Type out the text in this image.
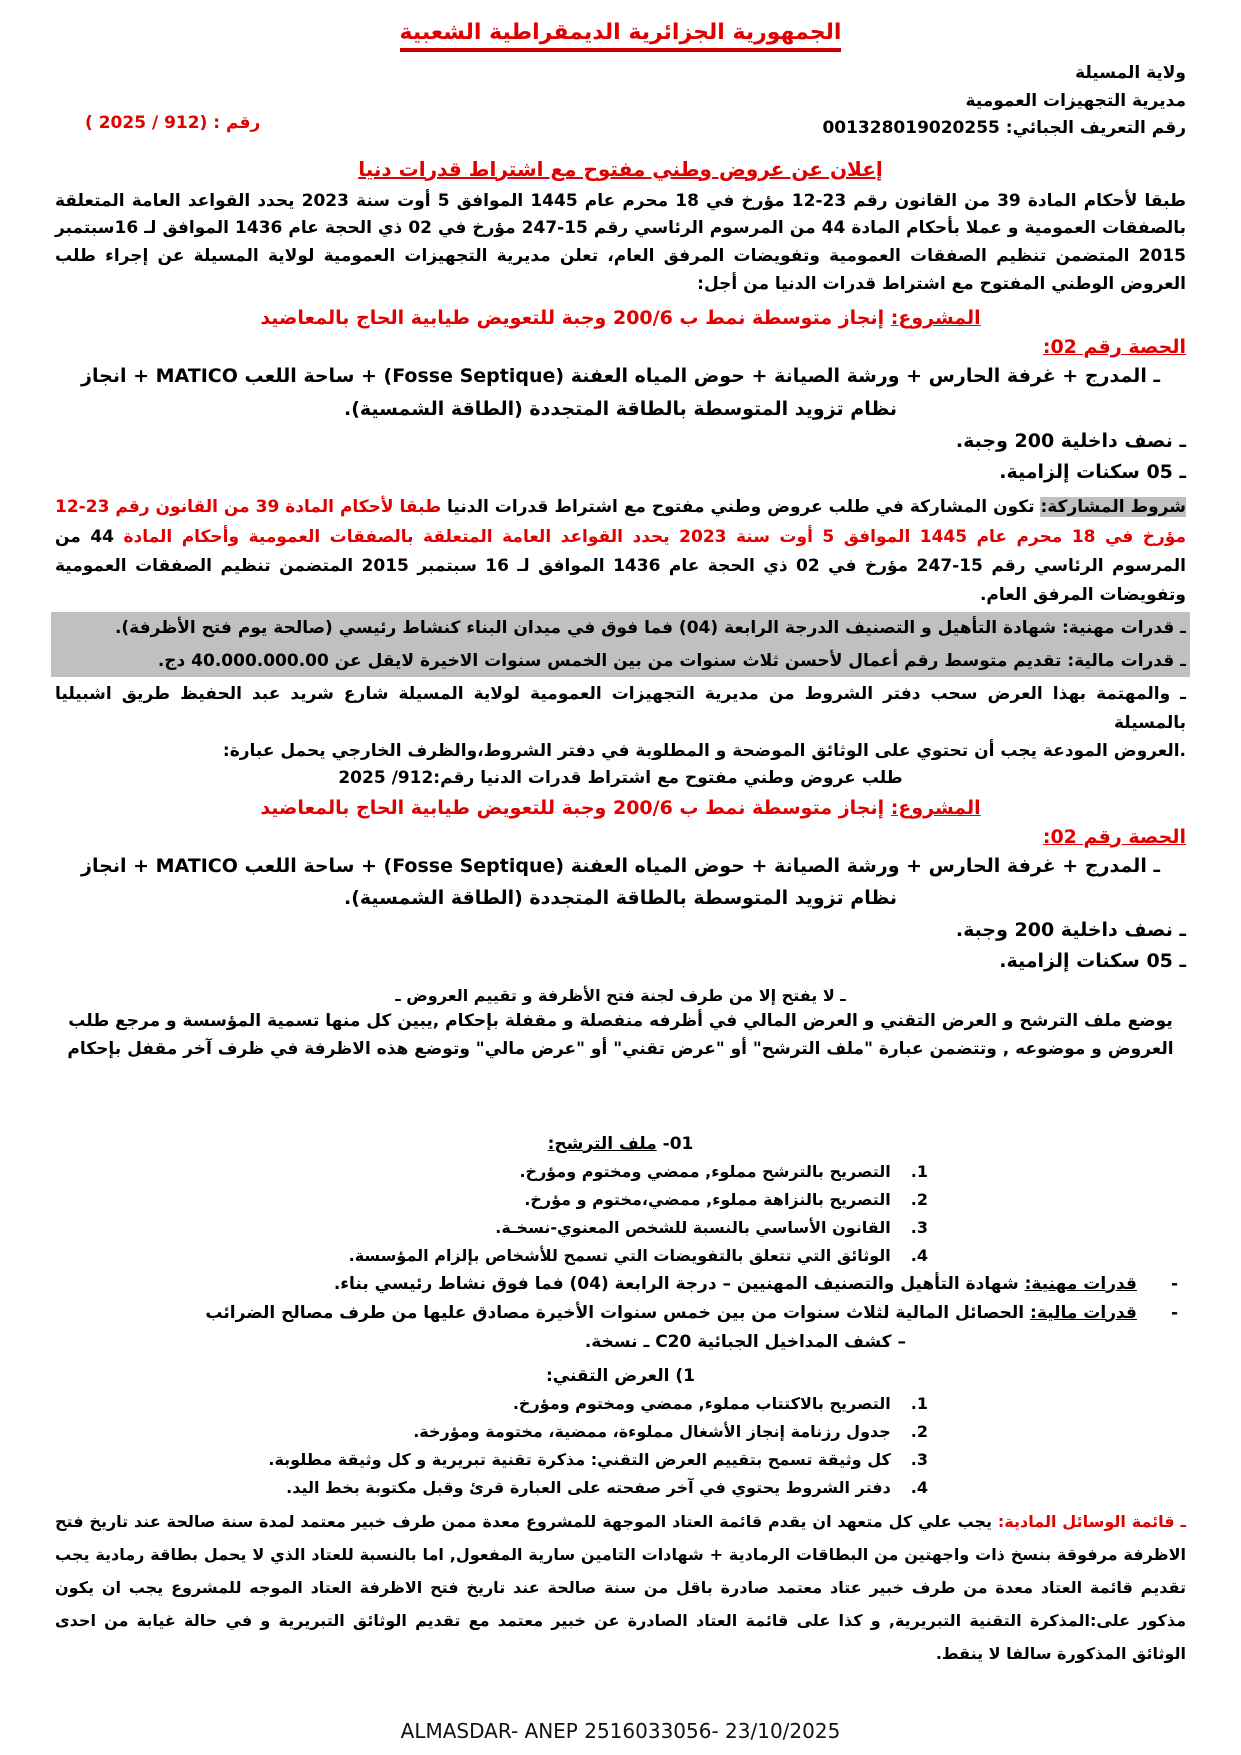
الجمهورية الجزائرية الديمقراطية الشعبية
ولاية المسيلة
مديرية التجهيزات العمومية
رقم التعريف الجبائي: 001328019020255
إعلان عن عروض وطني مفتوح مع اشتراط قدرات دنيا
طبقا لأحكام المادة 39 من القانون رقم 23-12 مؤرخ في 18 محرم عام 1445 الموافق 5 أوت سنة 2023 يحدد القواعد العامة المتعلقة بالصفقات العمومية و عملا بأحكام المادة 44 من المرسوم الرئاسي رقم 15-247 مؤرخ في 02 ذي الحجة عام 1436 الموافق لـ 16سبتمبر 2015 المتضمن تنظيم الصفقات العمومية وتفويضات المرفق العام، تعلن مديرية التجهيزات العمومية لولاية المسيلة عن إجراء طلب العروض الوطني المفتوح مع اشتراط قدرات الدنيا من أجل:
المشروع: إنجاز متوسطة نمط ب 200/6 وجبة للتعويض طيابية الحاج بالمعاضيد
الحصة رقم 02:
ـ المدرج + غرفة الحارس + ورشة الصيانة + حوض المياه العفنة (Fosse Septique) + ساحة اللعب MATICO + انجاز نظام تزويد المتوسطة بالطاقة المتجددة (الطاقة الشمسية).
ـ نصف داخلية 200 وجبة.
ـ 05 سكنات إلزامية.
شروط المشاركة: تكون المشاركة في طلب عروض وطني مفتوح مع اشتراط قدرات الدنيا طبقا لأحكام المادة 39 من القانون رقم 23-12 مؤرخ في 18 محرم عام 1445 الموافق 5 أوت سنة 2023 يحدد القواعد العامة المتعلقة بالصفقات العمومية وأحكام المادة 44 من المرسوم الرئاسي رقم 15-247 مؤرخ في 02 ذي الحجة عام 1436 الموافق لـ 16 سبتمبر 2015 المتضمن تنظيم الصفقات العمومية وتفويضات المرفق العام.
ـ قدرات مهنية: شهادة التأهيل و التصنيف الدرجة الرابعة (04) فما فوق في ميدان البناء كنشاط رئيسي (صالحة يوم فتح الأظرفة).
ـ قدرات مالية: تقديم متوسط رقم أعمال لأحسن ثلاث سنوات من بين الخمس سنوات الاخيرة لايقل عن 40.000.000.00 دج.
ـ والمهتمة بهذا العرض سحب دفتر الشروط من مديرية التجهيزات العمومية لولاية المسيلة شارع شريد عبد الحفيظ طريق اشبيليا بالمسيلة
.العروض المودعة يجب أن تحتوي على الوثائق الموضحة و المطلوبة في دفتر الشروط،والظرف الخارجي يحمل عبارة:
طلب عروض وطني مفتوح مع اشتراط قدرات الدنيا رقم:912/ 2025
المشروع: إنجاز متوسطة نمط ب 200/6 وجبة للتعويض طيابية الحاج بالمعاضيد
الحصة رقم 02:
ـ المدرج + غرفة الحارس + ورشة الصيانة + حوض المياه العفنة (Fosse Septique) + ساحة اللعب MATICO + انجاز نظام تزويد المتوسطة بالطاقة المتجددة (الطاقة الشمسية).
ـ نصف داخلية 200 وجبة.
ـ 05 سكنات إلزامية.
ـ لا يفتح إلا من طرف لجنة فتح الأظرفة و تقييم العروض ـ
يوضع ملف الترشح و العرض التقني و العرض المالي في أظرفه منفصلة و مقفلة بإحكام ,يبين كل منها تسمية المؤسسة و مرجع طلب العروض و موضوعه , وتتضمن عبارة "ملف الترشح" أو "عرض تقني" أو "عرض مالي" وتوضع هذه الاظرفة في ظرف آخر مقفل بإحكام
01- ملف الترشح:
1.التصريح بالترشح مملوء, ممضي ومختوم ومؤرخ.
2.التصريح بالنزاهة مملوء, ممضي،مختوم و مؤرخ.
3.القانون الأساسي بالنسبة للشخص المعنوي-نسخـة.
4.الوثائق التي تتعلق بالتفويضات التي تسمح للأشخاص بإلزام المؤسسة.
-قدرات مهنية: شهادة التأهيل والتصنيف المهنيين – درجة الرابعة (04) فما فوق نشاط رئيسي بناء.
-قدرات مالية: الحصائل المالية لثلاث سنوات من بين خمس سنوات الأخيرة مصادق عليها من طرف مصالح الضرائب
– كشف المداخيل الجبائية C20 ـ نسخة.
1) العرض التقني:
1.التصريح بالاكتتاب مملوء, ممضي ومختوم ومؤرخ.
2.جدول رزنامة إنجاز الأشغال مملوءة، ممضية، مختومة ومؤرخة.
3.كل وثيقة تسمح بتقييم العرض التقني: مذكرة تقنية تبريرية و كل وثيقة مطلوبة.
4.دفتر الشروط يحتوي في آخر صفحته على العبارة قرئ وقبل مكتوبة بخط اليد.
ـ قائمة الوسائل المادية: يجب علي كل متعهد ان يقدم قائمة العتاد الموجهة للمشروع معدة ممن طرف خبير معتمد لمدة سنة صالحة عند تاريخ فتح الاظرفة مرفوقة بنسخ ذات واجهتين من البطاقات الرمادية + شهادات التامين سارية المفعول, اما بالنسبة للعتاد الذي لا يحمل بطاقة رمادية يجب تقديم قائمة العتاد معدة من طرف خبير عتاد معتمد صادرة باقل من سنة صالحة عند تاريخ فتح الاظرفة العتاد الموجه للمشروع يجب ان يكون مذكور على:المذكرة التقنية التبريرية, و كذا على قائمة العتاد الصادرة عن خبير معتمد مع تقديم الوثائق التبريرية و في حالة غيابة من احدى الوثائق المذكورة سالفا لا ينقط.
رقم : (912 / 2025 )
ALMASDAR- ANEP 2516033056- 23/10/2025
